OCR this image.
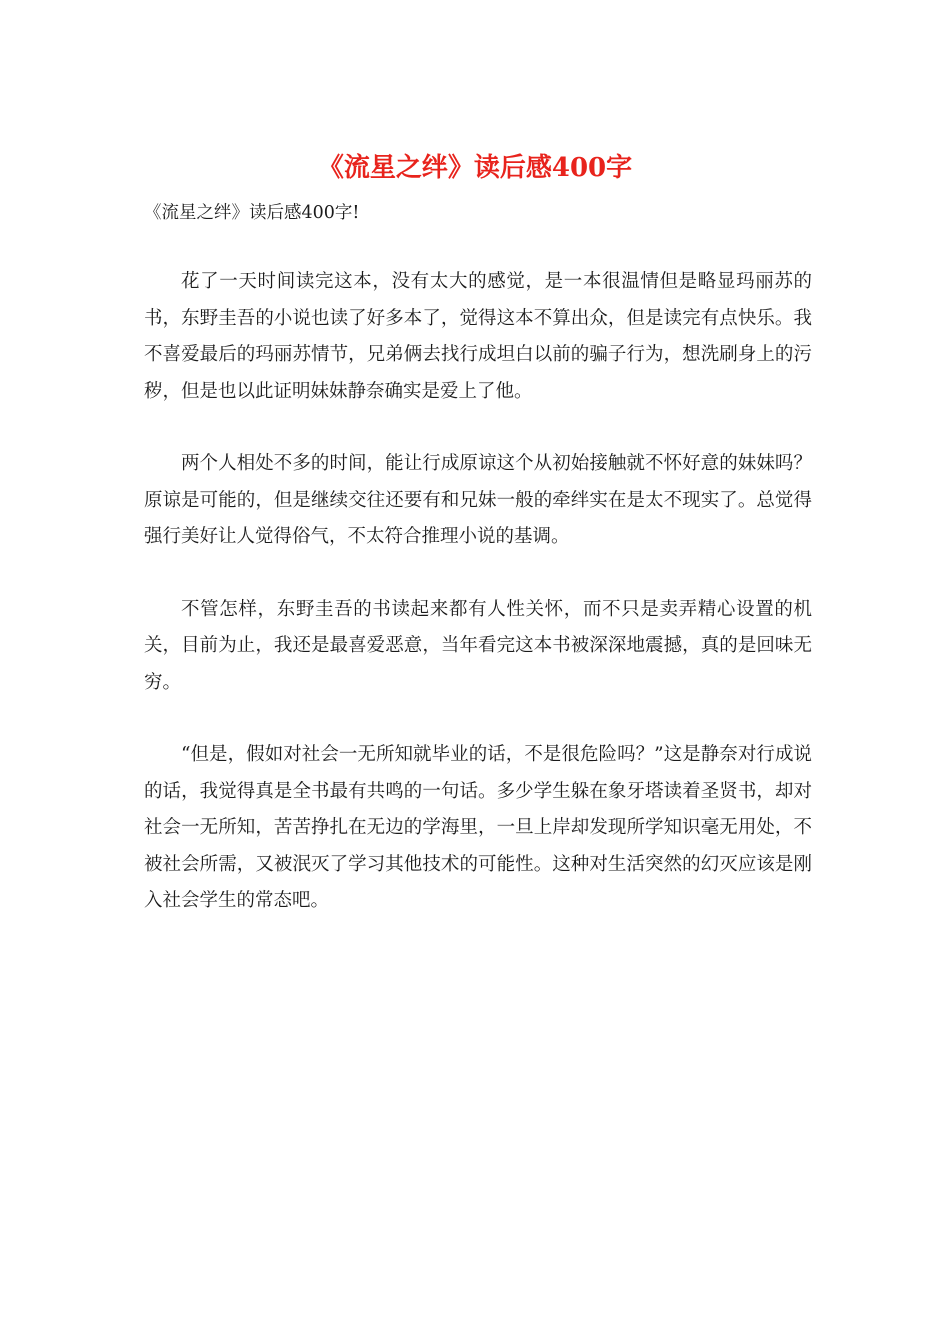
《流星之绊》读后感400字

《流星之绊》读后感400字!

花了一天时间读完这本，没有太大的感觉，是一本很温情但是略显玛丽苏的书，东野圭吾的小说也读了好多本了，觉得这本不算出众，但是读完有点快乐。我不喜爱最后的玛丽苏情节，兄弟俩去找行成坦白以前的骗子行为，想洗刷身上的污秽，但是也以此证明妹妹静奈确实是爱上了他。

两个人相处不多的时间，能让行成原谅这个从初始接触就不怀好意的妹妹吗？原谅是可能的，但是继续交往还要有和兄妹一般的牵绊实在是太不现实了。总觉得强行美好让人觉得俗气，不太符合推理小说的基调。

不管怎样，东野圭吾的书读起来都有人性关怀，而不只是卖弄精心设置的机关，目前为止，我还是最喜爱恶意，当年看完这本书被深深地震撼，真的是回味无穷。

“但是，假如对社会一无所知就毕业的话，不是很危险吗？”这是静奈对行成说的话，我觉得真是全书最有共鸣的一句话。多少学生躲在象牙塔读着圣贤书，却对社会一无所知，苦苦挣扎在无边的学海里，一旦上岸却发现所学知识毫无用处，不被社会所需，又被泯灭了学习其他技术的可能性。这种对生活突然的幻灭应该是刚入社会学生的常态吧。
